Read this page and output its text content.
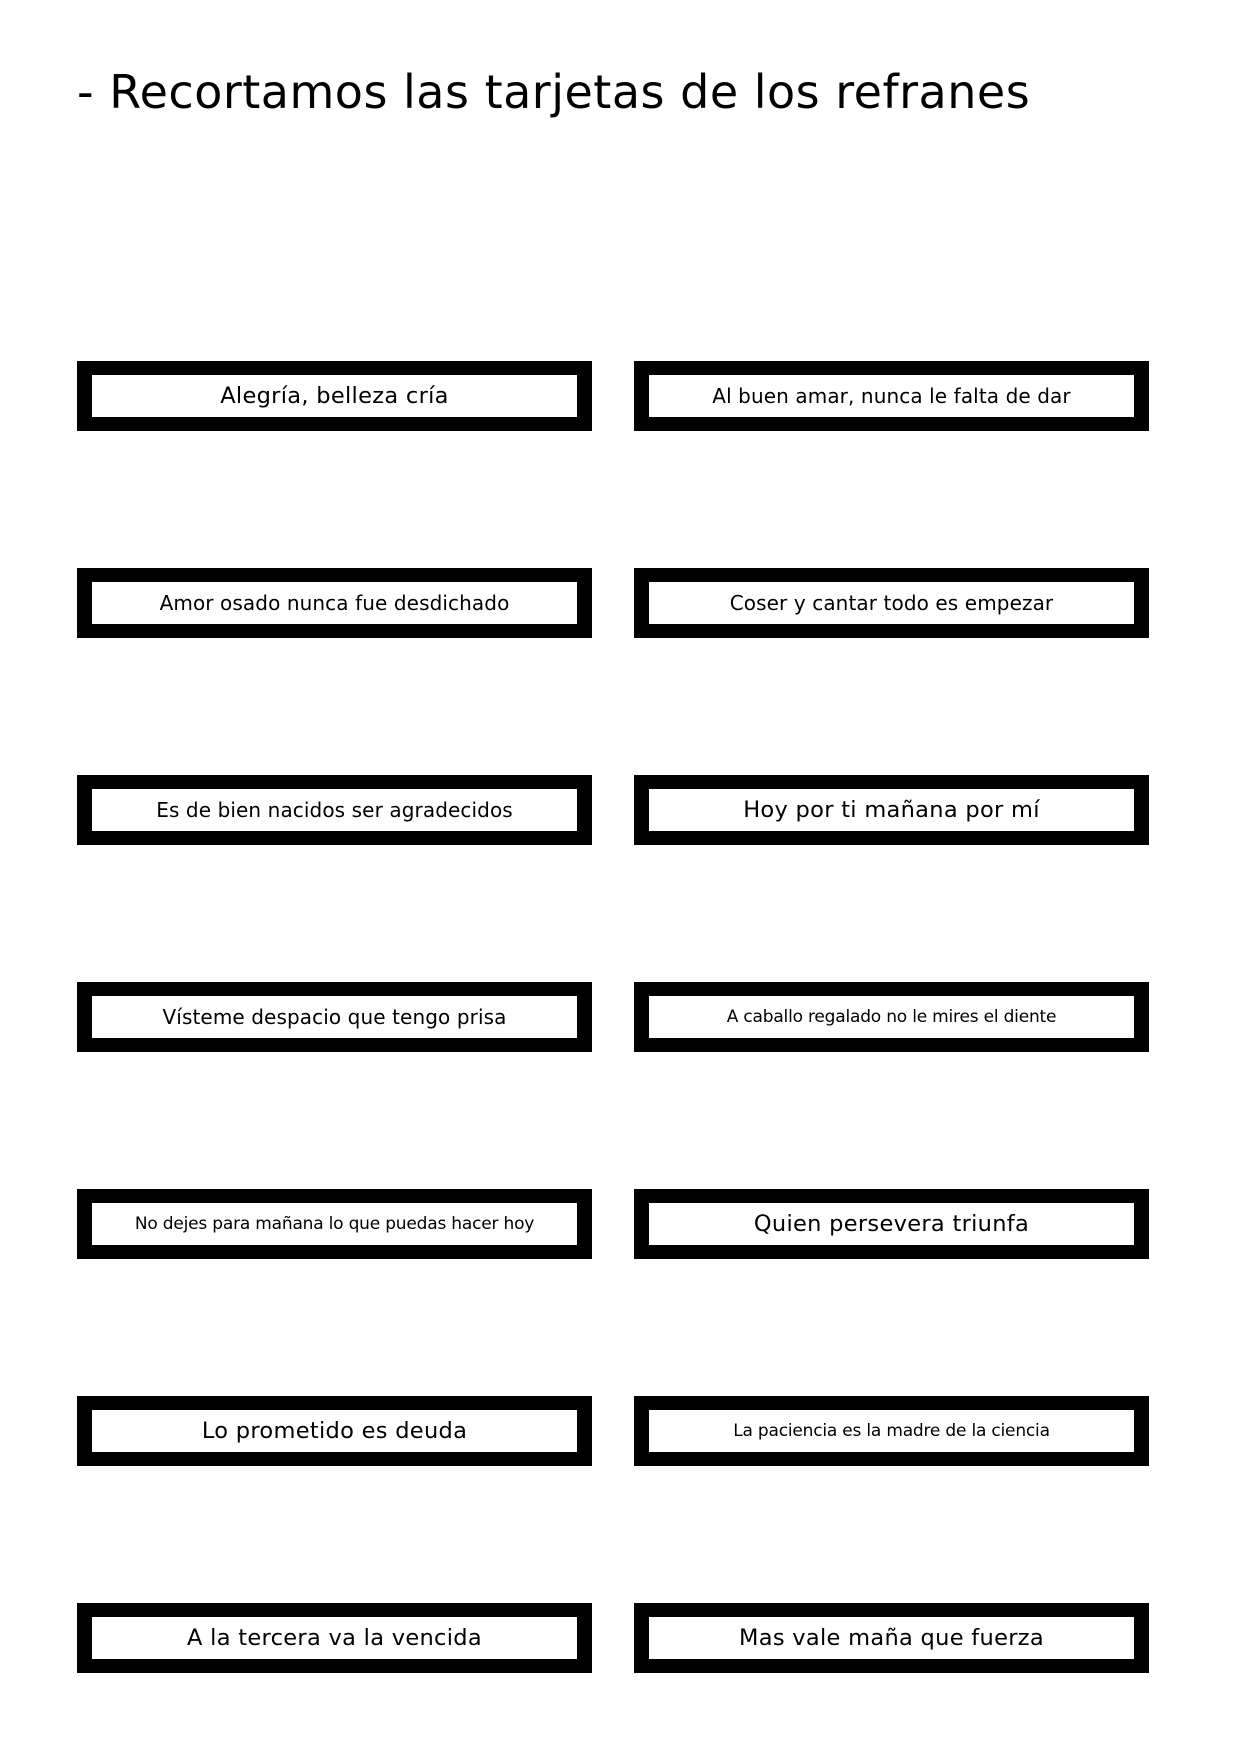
- Recortamos las tarjetas de los refranes
Alegría, belleza cría	Al buen amar, nunca le falta de dar
Amor osado nunca fue desdichado	Coser y cantar todo es empezar
Es de bien nacidos ser agradecidos	Hoy por ti mañana por mí
Vísteme despacio que tengo prisa	A caballo regalado no le mires el diente
No dejes para mañana lo que puedas hacer hoy	Quien persevera triunfa
Lo prometido es deuda	La paciencia es la madre de la ciencia
A la tercera va la vencida	Mas vale maña que fuerza
